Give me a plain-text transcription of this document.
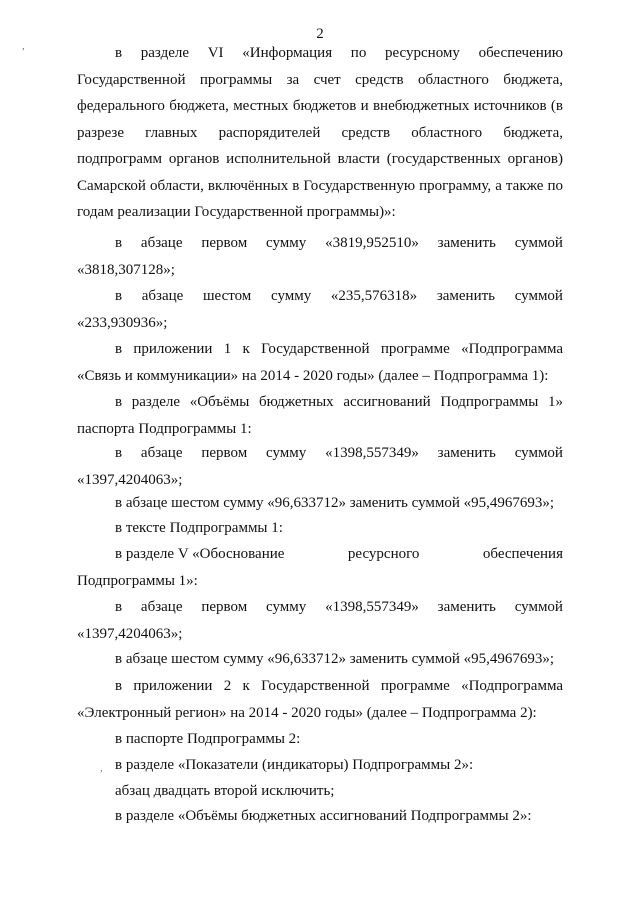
2

в разделе VI «Информация по ресурсному обеспечению Государственной программы за счет средств областного бюджета, федерального бюджета, местных бюджетов и внебюджетных источников (в разрезе главных распорядителей средств областного бюджета, подпрограмм органов исполнительной власти (государственных органов) Самарской области, включённых в Государственную программу, а также по годам реализации Государственной программы)»:

в абзаце первом сумму «3819,952510» заменить суммой
«3818,307128»;
в абзаце шестом сумму «235,576318» заменить суммой
«233,930936»;

в приложении 1 к Государственной программе «Подпрограмма «Связь и коммуникации» на 2014 - 2020 годы» (далее – Подпрограмма 1):

в разделе «Объёмы бюджетных ассигнований Подпрограммы 1» паспорта Подпрограммы 1:

в абзаце первом сумму «1398,557349» заменить суммой
«1397,4204063»;
в абзаце шестом сумму «96,633712» заменить суммой «95,4967693»;
в тексте Подпрограммы 1:
в разделе V «Обоснование	ресурсного	обеспечения
Подпрограммы 1»:
в абзаце первом сумму «1398,557349» заменить суммой
«1397,4204063»;
в абзаце шестом сумму «96,633712» заменить суммой «95,4967693»;

в приложении 2 к Государственной программе «Подпрограмма «Электронный регион» на 2014 - 2020 годы» (далее – Подпрограмма 2):

в паспорте Подпрограммы 2:
в разделе «Показатели (индикаторы) Подпрограммы 2»:
абзац двадцать второй исключить;
в разделе «Объёмы бюджетных ассигнований Подпрограммы 2»:
,
,
